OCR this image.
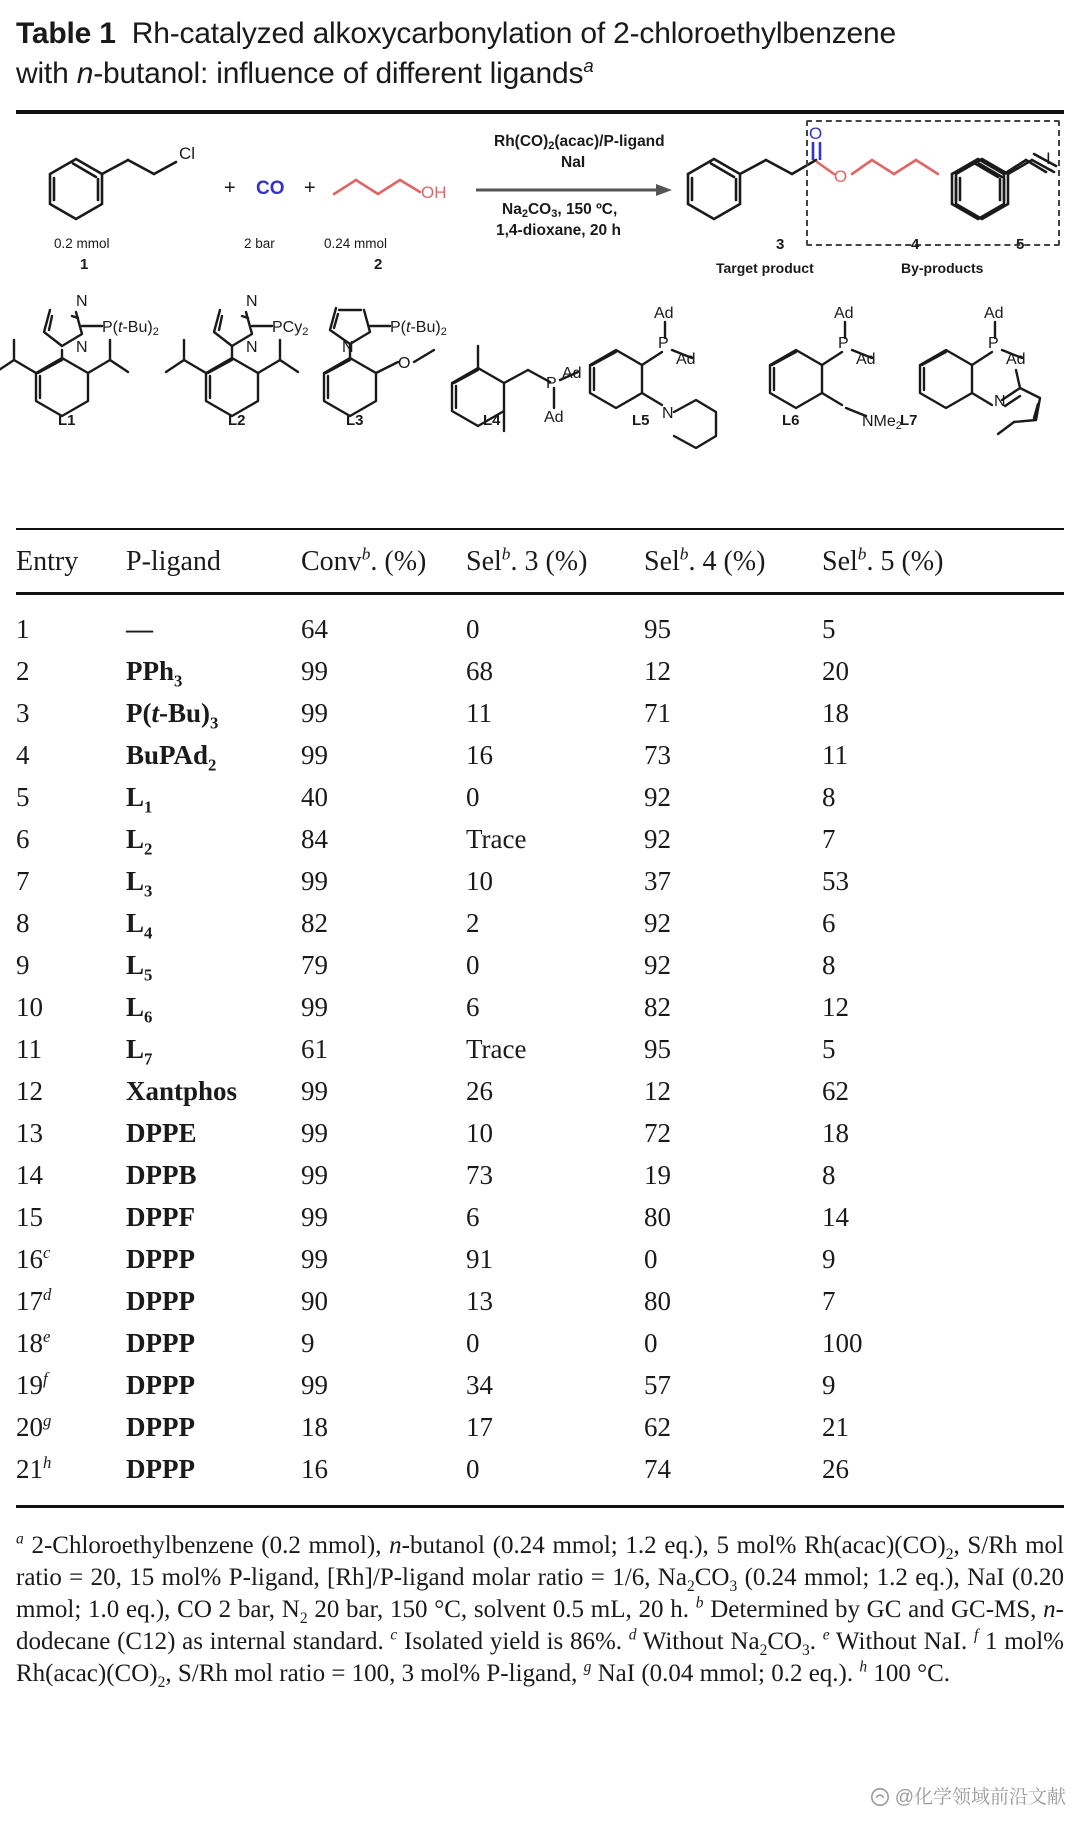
Table 1 Rh-catalyzed alkoxycarbonylation of 2-chloroethylbenzene
with n-butanol: influence of different ligands$^a$
Cl
+ CO +	OH
Rh(CO)2(acac)/P-ligand
NaI
Na2CO3, 150 ºC,
1,4-dioxane, 20 h
O
O
I
0.2 mmol
1
2 bar	0.24 mmol
2
3
Target product
4	5
By-products
N
N
P(t-Bu)2
N
N
PCy2
N
P(t-Bu)2
O
P
Ad
Ad
P
Ad
Ad
N
P
Ad
Ad
NMe2
P
Ad
Ad
N
L1	L2	L3	L4	L5	L6	L7
Entry	P-ligand	Conv$^b$. (%)	Sel$^b$. 3 (%)	Sel$^b$. 4 (%)	Sel$^b$. 5 (%)
1	—	64	0	95	5
2	PPh$_3$	99	68	12	20
3	$P(t-Bu)_3$	99	11	71	18
4	BuPAd$_2$	99	16	73	11
5	$L_1$	40	0	92	8
6	$L_2$	84	Trace	92	7
7	$L_3$	99	10	37	53
8	$L_4$	82	2	92	6
9	$L_5$	79	0	92	8
10	$L_6$	99	6	82	12
11	$L_7$	61	Trace	95	5
12	Xantphos	99	26	12	62
13	DPPE	99	10	72	18
14	DPPB	99	73	19	8
15	DPPF	99	6	80	14
16$^c$	DPPP	99	91	0	9
17$^d$	DPPP	90	13	80	7
18e	DPPP	9	0	0	100
19$^f$	DPPP	99	34	57	9
20$^g$	DPPP	18	17	62	21
21$^h$	DPPP	16	0	74	26
$^a$ 2-Chloroethylbenzene (0.2 mmol), n-butanol (0.24 mmol; 1.2 eq.), 5 mol% $Rh(acac)(CO)_2$, S/Rh mol ratio = 20, 15 mol% P-ligand, [Rh]/P-ligand molar ratio = 1/6, $Na_2CO_3$ (0.24 mmol; 1.2 eq.), NaI (0.20 mmol; 1.0 eq.), CO 2 bar, $N_2$ 20 bar, 150 °C, solvent 0.5 mL, 20 h. $^b$ Determined by GC and GC-MS, n-dodecane (C12) as internal standard. $^c$ Isolated yield is 86%. $^d$ Without $Na_2CO_3$. $^e$ Without NaI. $^f$ 1 mol% $Rh(acac)(CO)_2$, S/Rh mol ratio = 100, 3 mol% P-ligand, $^g$ NaI (0.04 mmol; 0.2 eq.). $^h$ 100 °C.
@化学领域前沿文献
